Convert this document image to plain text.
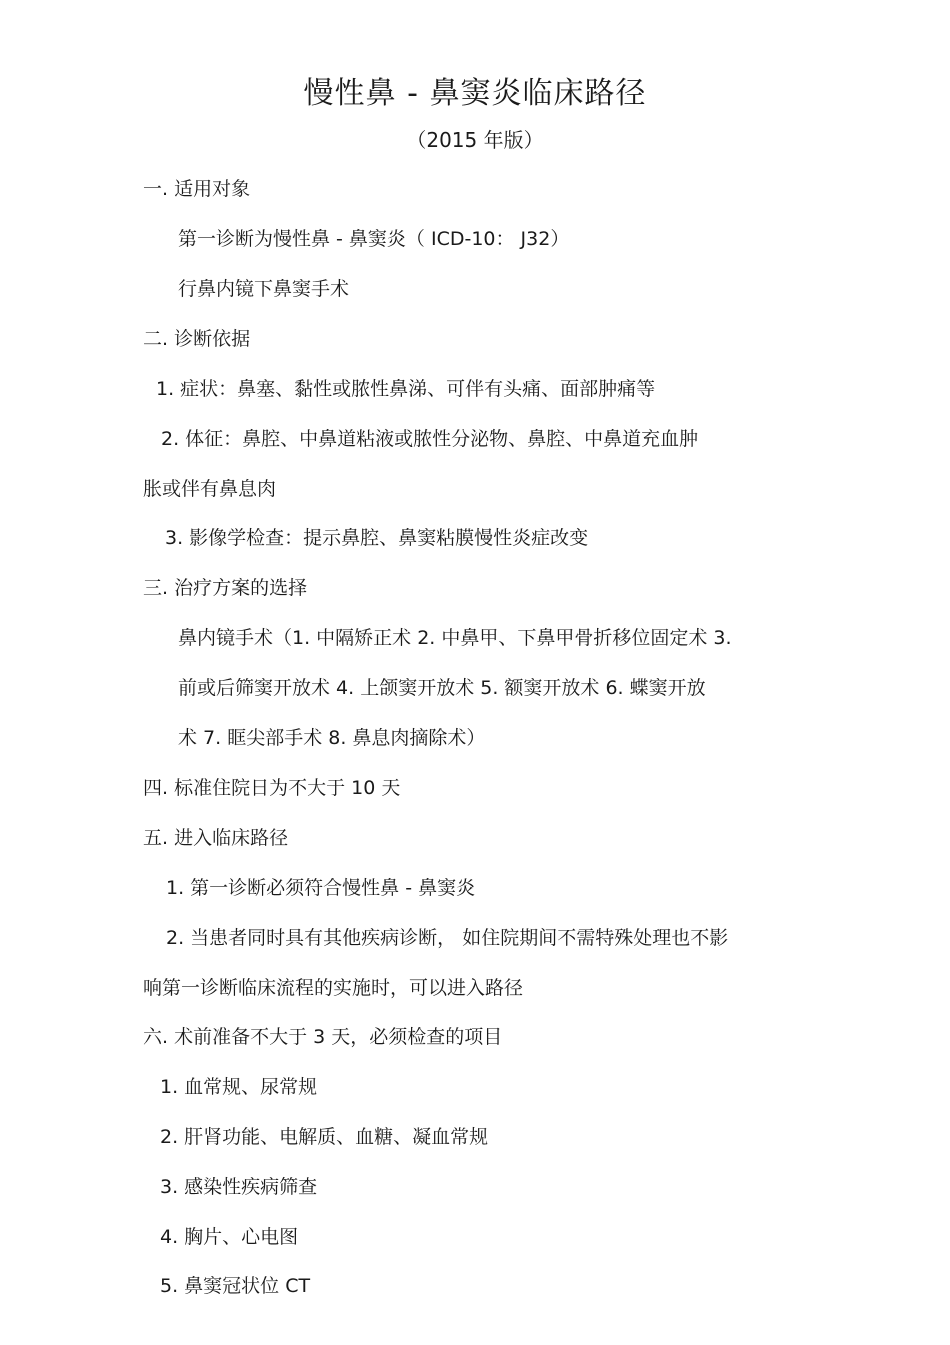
慢性鼻 - 鼻窦炎临床路径
（2015 年版）
一. 适用对象
第一诊断为慢性鼻 - 鼻窦炎（ ICD-10： J32）
行鼻内镜下鼻窦手术
二. 诊断依据
1. 症状：鼻塞、黏性或脓性鼻涕、可伴有头痛、面部肿痛等
2. 体征：鼻腔、中鼻道粘液或脓性分泌物、鼻腔、中鼻道充血肿
胀或伴有鼻息肉
3. 影像学检查：提示鼻腔、鼻窦粘膜慢性炎症改变
三. 治疗方案的选择
鼻内镜手术（1. 中隔矫正术 2. 中鼻甲、下鼻甲骨折移位固定术 3.
前或后筛窦开放术 4. 上颌窦开放术 5. 额窦开放术 6. 蝶窦开放
术 7. 眶尖部手术 8. 鼻息肉摘除术）
四. 标准住院日为不大于 10 天
五. 进入临床路径
1. 第一诊断必须符合慢性鼻 - 鼻窦炎
2. 当患者同时具有其他疾病诊断， 如住院期间不需特殊处理也不影
响第一诊断临床流程的实施时，可以进入路径
六. 术前准备不大于 3 天，必须检查的项目
1. 血常规、尿常规
2. 肝肾功能、电解质、血糖、凝血常规
3. 感染性疾病筛查
4. 胸片、心电图
5. 鼻窦冠状位 CT
